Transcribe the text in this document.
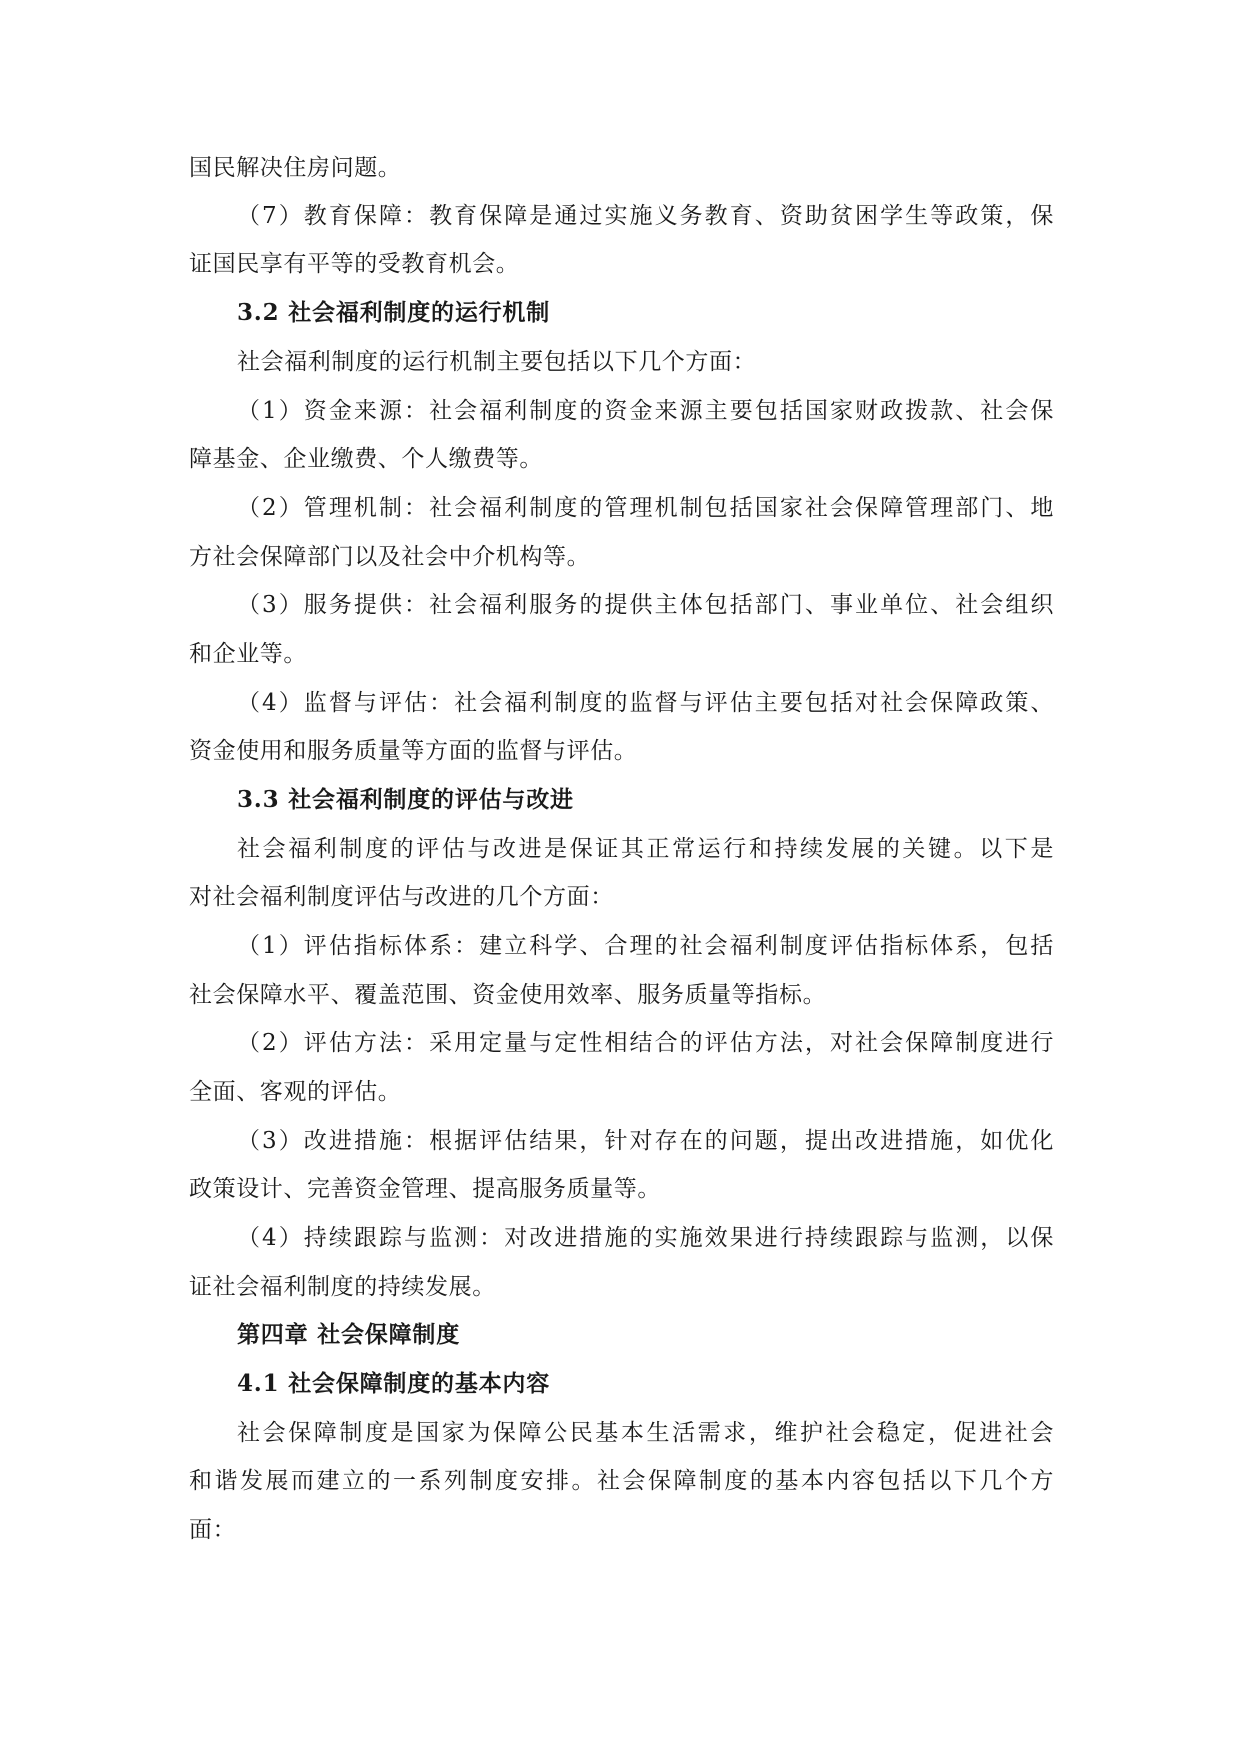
国民解决住房问题。
（7）教育保障：教育保障是通过实施义务教育、资助贫困学生等政策，保
证国民享有平等的受教育机会。
3.2 社会福利制度的运行机制
社会福利制度的运行机制主要包括以下几个方面：
（1）资金来源：社会福利制度的资金来源主要包括国家财政拨款、社会保
障基金、企业缴费、个人缴费等。
（2）管理机制：社会福利制度的管理机制包括国家社会保障管理部门、地
方社会保障部门以及社会中介机构等。
（3）服务提供：社会福利服务的提供主体包括部门、事业单位、社会组织
和企业等。
（4）监督与评估：社会福利制度的监督与评估主要包括对社会保障政策、
资金使用和服务质量等方面的监督与评估。
3.3 社会福利制度的评估与改进
社会福利制度的评估与改进是保证其正常运行和持续发展的关键。以下是
对社会福利制度评估与改进的几个方面：
（1）评估指标体系：建立科学、合理的社会福利制度评估指标体系，包括
社会保障水平、覆盖范围、资金使用效率、服务质量等指标。
（2）评估方法：采用定量与定性相结合的评估方法，对社会保障制度进行
全面、客观的评估。
（3）改进措施：根据评估结果，针对存在的问题，提出改进措施，如优化
政策设计、完善资金管理、提高服务质量等。
（4）持续跟踪与监测：对改进措施的实施效果进行持续跟踪与监测，以保
证社会福利制度的持续发展。
第四章 社会保障制度
4.1 社会保障制度的基本内容
社会保障制度是国家为保障公民基本生活需求，维护社会稳定，促进社会
和谐发展而建立的一系列制度安排。社会保障制度的基本内容包括以下几个方
面：
